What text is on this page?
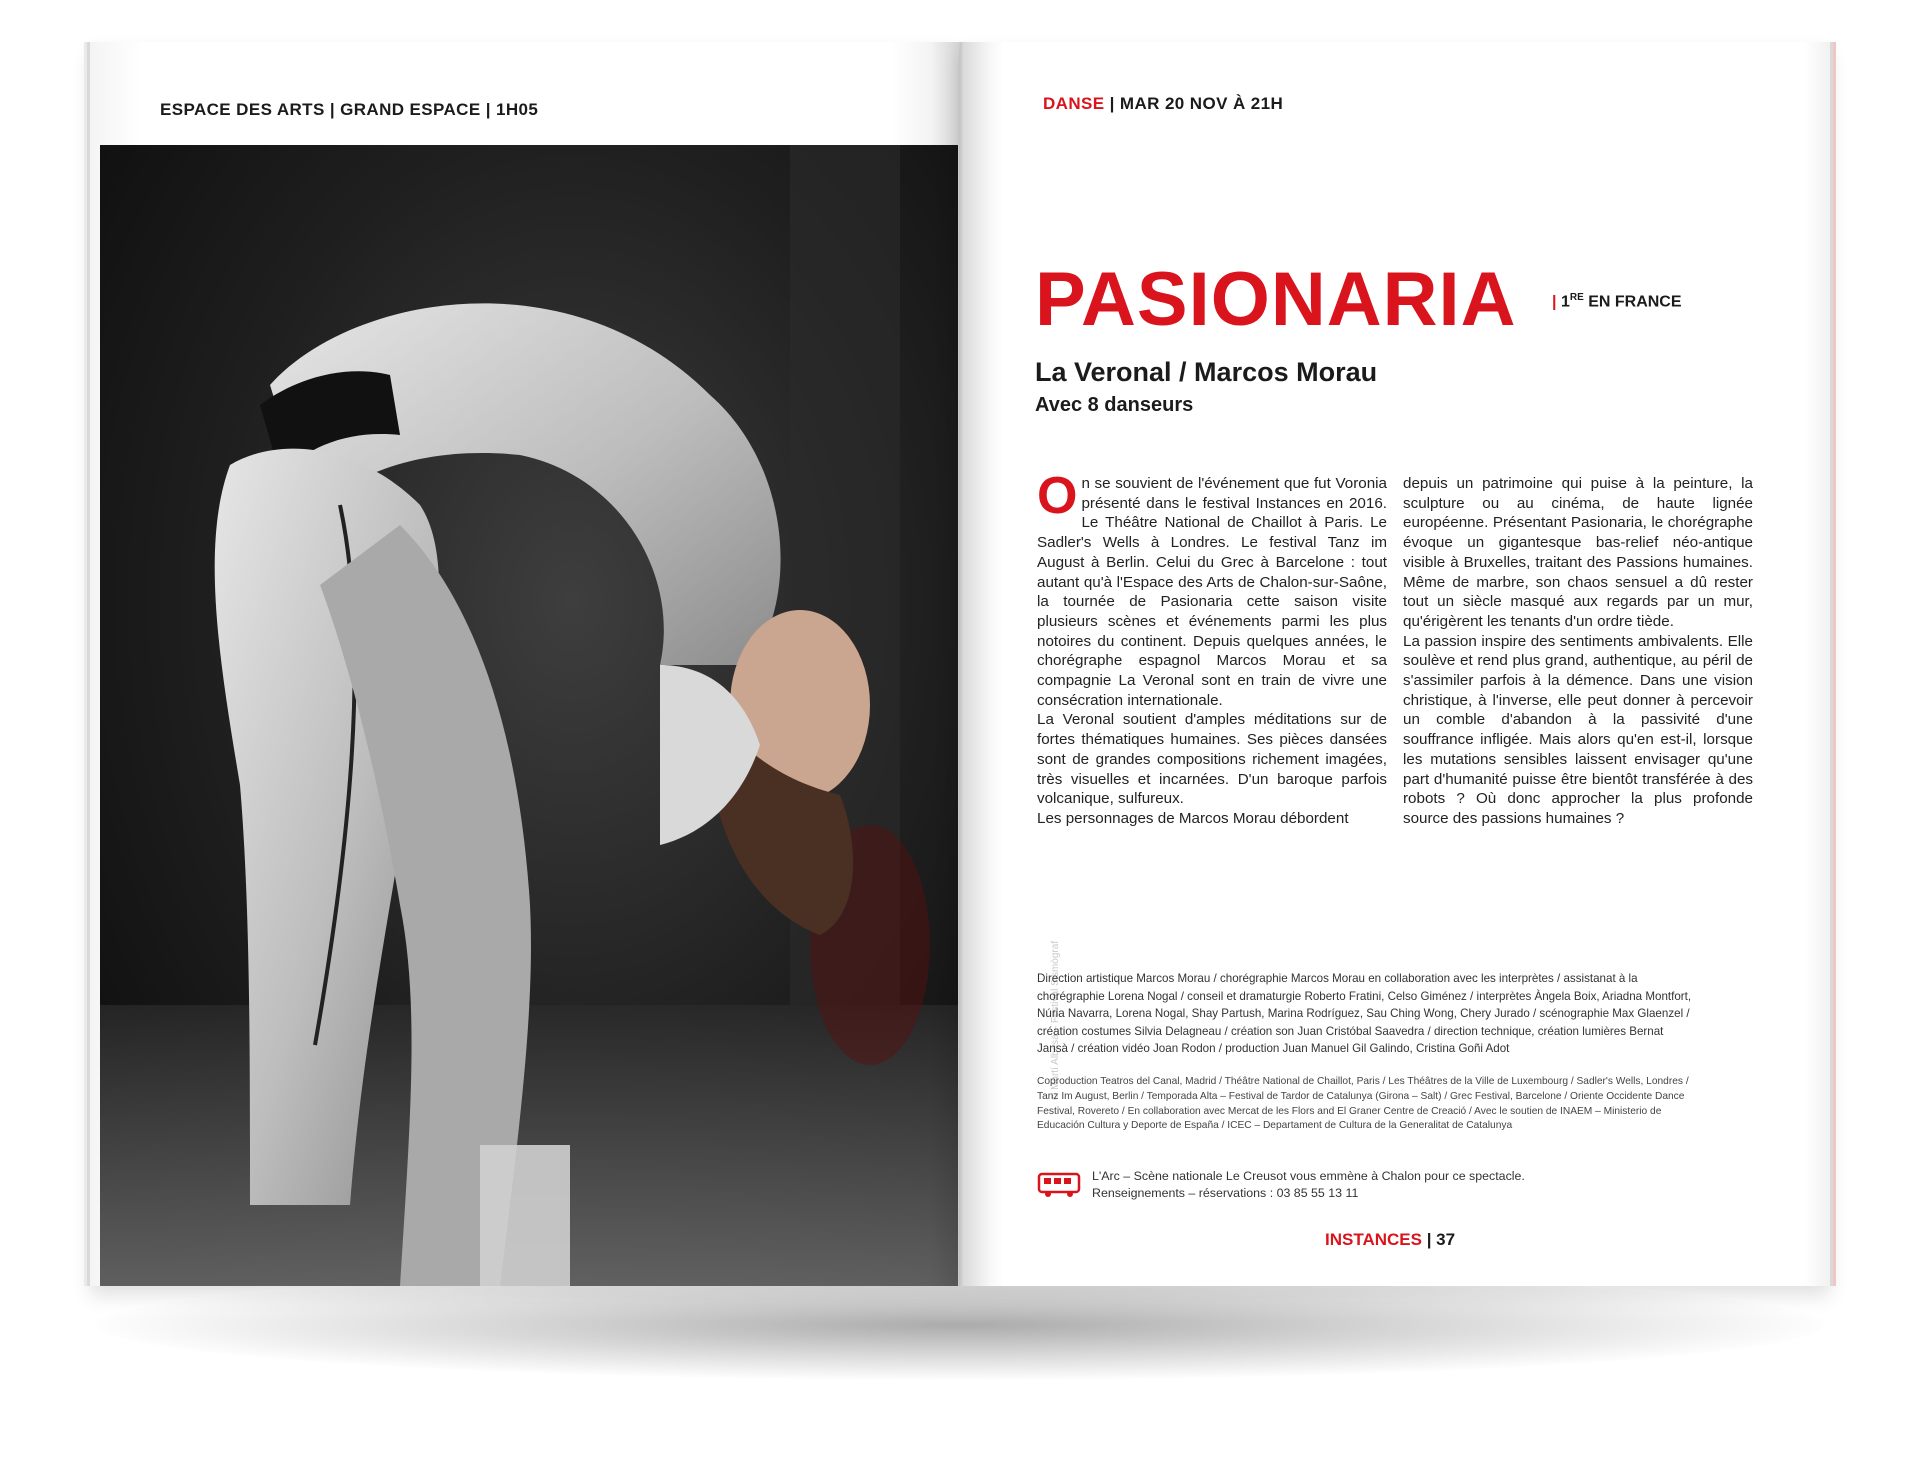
ESPACE DES ARTS | GRAND ESPACE | 1H05
© Martí Albesa – Festival Sismògraf
DANSE | MAR 20 NOV À 21H
PASIONARIA | 1RE EN FRANCE
La Veronal / Marcos Morau
Avec 8 danseurs

On se souvient de l'événement que fut Voronia présenté dans le festival Instances en 2016. Le Théâtre National de Chaillot à Paris. Le Sadler's Wells à Londres. Le festival Tanz im August à Berlin. Celui du Grec à Barcelone : tout autant qu'à l'Espace des Arts de Chalon-sur-Saône, la tournée de Pasionaria cette saison visite plusieurs scènes et événements parmi les plus notoires du continent. Depuis quelques années, le chorégraphe espagnol Marcos Morau et sa compagnie La Veronal sont en train de vivre une consécration internationale.

La Veronal soutient d'amples méditations sur de fortes thématiques humaines. Ses pièces dansées sont de grandes compositions richement imagées, très visuelles et incarnées. D'un baroque parfois volcanique, sulfureux.

Les personnages de Marcos Morau débordent

depuis un patrimoine qui puise à la peinture, la sculpture ou au cinéma, de haute lignée européenne. Présentant Pasionaria, le chorégraphe évoque un gigantesque bas-relief néo-antique visible à Bruxelles, traitant des Passions humaines. Même de marbre, son chaos sensuel a dû rester tout un siècle masqué aux regards par un mur, qu'érigèrent les tenants d'un ordre tiède.

La passion inspire des sentiments ambivalents. Elle soulève et rend plus grand, authentique, au péril de s'assimiler parfois à la démence. Dans une vision christique, à l'inverse, elle peut donner à percevoir un comble d'abandon à la passivité d'une souffrance infligée. Mais alors qu'en est-il, lorsque les mutations sensibles laissent envisager qu'une part d'humanité puisse être bientôt transférée à des robots ? Où donc approcher la plus profonde source des passions humaines ?

Direction artistique Marcos Morau / chorégraphie Marcos Morau en collaboration avec les interprètes / assistanat à la chorégraphie Lorena Nogal / conseil et dramaturgie Roberto Fratini, Celso Giménez / interprètes Àngela Boix, Ariadna Montfort, Núria Navarra, Lorena Nogal, Shay Partush, Marina Rodríguez, Sau Ching Wong, Chery Jurado / scénographie Max Glaenzel / création costumes Silvia Delagneau / création son Juan Cristóbal Saavedra / direction technique, création lumières Bernat Jansà / création vidéo Joan Rodon / production Juan Manuel Gil Galindo, Cristina Goñi Adot
Coproduction Teatros del Canal, Madrid / Théâtre National de Chaillot, Paris / Les Théâtres de la Ville de Luxembourg / Sadler's Wells, Londres / Tanz Im August, Berlin / Temporada Alta – Festival de Tardor de Catalunya (Girona – Salt) / Grec Festival, Barcelone / Oriente Occidente Dance Festival, Rovereto / En collaboration avec Mercat de les Flors and El Graner Centre de Creació / Avec le soutien de INAEM – Ministerio de Educación Cultura y Deporte de España / ICEC – Departament de Cultura de la Generalitat de Catalunya
L'Arc – Scène nationale Le Creusot vous emmène à Chalon pour ce spectacle.
Renseignements – réservations : 03 85 55 13 11
INSTANCES | 37
